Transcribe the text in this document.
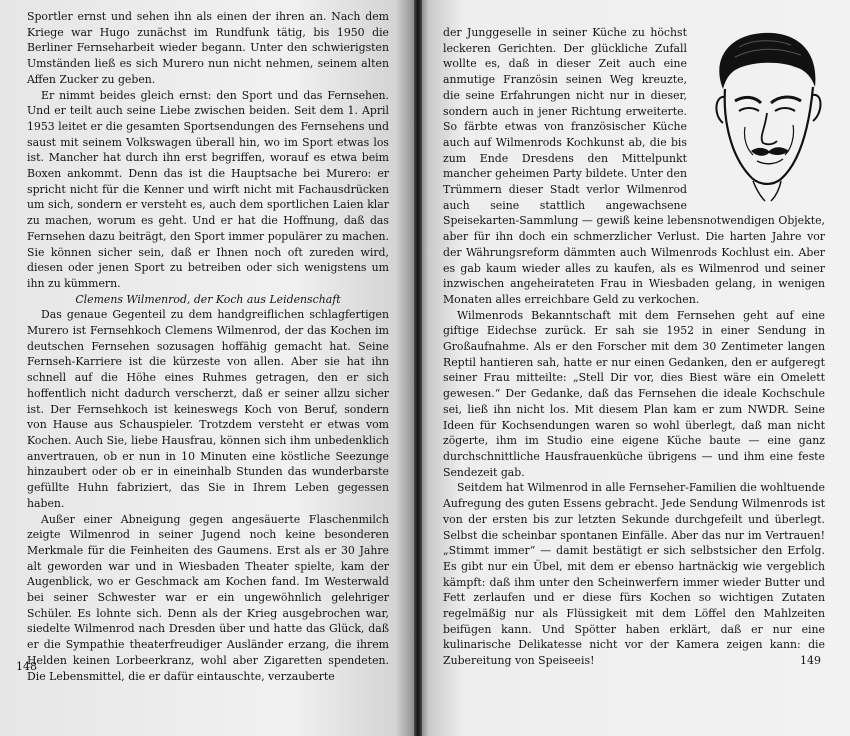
Sportler ernst und sehen ihn als einen der ihren an. Nach dem Kriege war Hugo zunächst im Rundfunk tätig, bis 1950 die Berliner Fernseharbeit wieder begann. Unter den schwierigsten Umständen ließ es sich Murero nun nicht nehmen, seinem alten Affen Zucker zu geben.

Er nimmt beides gleich ernst: den Sport und das Fernsehen. Und er teilt auch seine Liebe zwischen beiden. Seit dem 1. April 1953 leitet er die gesamten Sportsendungen des Fernsehens und saust mit seinem Volkswagen überall hin, wo im Sport etwas los ist. Mancher hat durch ihn erst begriffen, worauf es etwa beim Boxen ankommt. Denn das ist die Hauptsache bei Murero: er spricht nicht für die Kenner und wirft nicht mit Fachausdrücken um sich, sondern er versteht es, auch dem sportlichen Laien klar zu machen, worum es geht. Und er hat die Hoffnung, daß das Fernsehen dazu beiträgt, den Sport immer populärer zu machen. Sie können sicher sein, daß er Ihnen noch oft zureden wird, diesen oder jenen Sport zu betreiben oder sich wenigstens um ihn zu kümmern.

Clemens Wilmenrod, der Koch aus Leidenschaft

Das genaue Gegenteil zu dem handgreiflichen schlagfertigen Murero ist Fernsehkoch Clemens Wilmenrod, der das Kochen im deutschen Fernsehen sozusagen hoffähig gemacht hat. Seine Fernseh-Karriere ist die kürzeste von allen. Aber sie hat ihn schnell auf die Höhe eines Ruhmes getragen, den er sich hoffentlich nicht dadurch verscherzt, daß er seiner allzu sicher ist. Der Fernsehkoch ist keineswegs Koch von Beruf, sondern von Hause aus Schauspieler. Trotzdem versteht er etwas vom Kochen. Auch Sie, liebe Hausfrau, können sich ihm unbedenklich anvertrauen, ob er nun in 10 Minuten eine köstliche Seezunge hinzaubert oder ob er in eineinhalb Stunden das wunderbarste gefüllte Huhn fabriziert, das Sie in Ihrem Leben gegessen haben.

Außer einer Abneigung gegen angesäuerte Flaschenmilch zeigte Wilmenrod in seiner Jugend noch keine besonderen Merkmale für die Feinheiten des Gaumens. Erst als er 30 Jahre alt geworden war und in Wiesbaden Theater spielte, kam der Augenblick, wo er Geschmack am Kochen fand. Im Westerwald bei seiner Schwester war er ein ungewöhnlich gelehriger Schüler. Es lohnte sich. Denn als der Krieg ausgebrochen war, siedelte Wilmenrod nach Dresden über und hatte das Glück, daß er die Sympathie theaterfreudiger Ausländer erzang, die ihrem Helden keinen Lorbeerkranz, wohl aber Zigaretten spendeten. Die Lebensmittel, die er dafür eintauschte, verzauberte

148

der Junggeselle in seiner Küche zu höchst leckeren Gerichten. Der glückliche Zufall wollte es, daß in dieser Zeit auch eine anmutige Französin seinen Weg kreuzte, die seine Erfahrungen nicht nur in dieser, sondern auch in jener Richtung erweiterte. So färbte etwas von französischer Küche auch auf Wilmenrods Kochkunst ab, die bis zum Ende Dresdens den Mittelpunkt mancher geheimen Party bildete. Unter den Trümmern dieser Stadt verlor Wilmenrod auch seine stattlich angewachsene Speisekarten-Sammlung — gewiß keine lebensnotwendigen Objekte, aber für ihn doch ein schmerzlicher Verlust. Die harten Jahre vor der Währungsreform dämmten auch Wilmenrods Kochlust ein. Aber es gab kaum wieder alles zu kaufen, als es Wilmenrod und seiner inzwischen angeheirateten Frau in Wiesbaden gelang, in wenigen Monaten alles erreichbare Geld zu verkochen.

Wilmenrods Bekanntschaft mit dem Fernsehen geht auf eine giftige Eidechse zurück. Er sah sie 1952 in einer Sendung in Großaufnahme. Als er den Forscher mit dem 30 Zentimeter langen Reptil hantieren sah, hatte er nur einen Gedanken, den er aufgeregt seiner Frau mitteilte: „Stell Dir vor, dies Biest wäre ein Omelett gewesen.“ Der Gedanke, daß das Fernsehen die ideale Kochschule sei, ließ ihn nicht los. Mit diesem Plan kam er zum NWDR. Seine Ideen für Kochsendungen waren so wohl überlegt, daß man nicht zögerte, ihm im Studio eine eigene Küche baute — eine ganz durchschnittliche Hausfrauenküche übrigens — und ihm eine feste Sendezeit gab.

Seitdem hat Wilmenrod in alle Fernseher-Familien die wohltuende Aufregung des guten Essens gebracht. Jede Sendung Wilmenrods ist von der ersten bis zur letzten Sekunde durchgefeilt und überlegt. Selbst die scheinbar spontanen Einfälle. Aber das nur im Vertrauen! „Stimmt immer“ — damit bestätigt er sich selbstsicher den Erfolg. Es gibt nur ein Übel, mit dem er ebenso hartnäckig wie vergeblich kämpft: daß ihm unter den Scheinwerfern immer wieder Butter und Fett zerlaufen und er diese fürs Kochen so wichtigen Zutaten regelmäßig nur als Flüssigkeit mit dem Löffel den Mahlzeiten beifügen kann. Und Spötter haben erklärt, daß er nur eine kulinarische Delikatesse nicht vor der Kamera zeigen kann: die Zubereitung von Speiseeis!	149
